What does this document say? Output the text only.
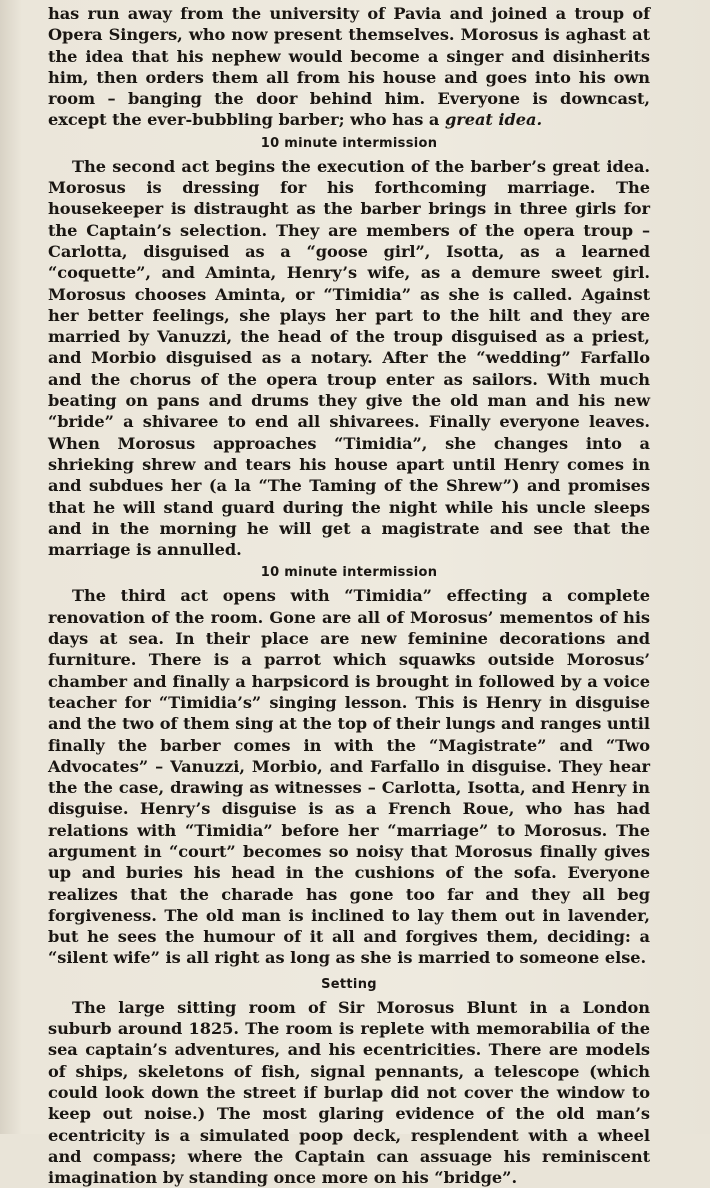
has run away from the university of Pavia and joined a troup of Opera Singers, who now present themselves. Morosus is aghast at the idea that his nephew would become a singer and disinherits him, then orders them all from his house and goes into his own room – banging the door behind him. Everyone is downcast, except the ever-bubbling barber; who has a great idea.

10 minute intermission

The second act begins the execution of the barber’s great idea. Morosus is dressing for his forthcoming marriage. The housekeeper is distraught as the barber brings in three girls for the Captain’s selection. They are members of the opera troup – Carlotta, disguised as a “goose girl”, Isotta, as a learned “coquette”, and Aminta, Henry’s wife, as a demure sweet girl. Morosus chooses Aminta, or “Timidia” as she is called. Against her better feelings, she plays her part to the hilt and they are married by Vanuzzi, the head of the troup disguised as a priest, and Morbio disguised as a notary. After the “wedding” Farfallo and the chorus of the opera troup enter as sailors. With much beating on pans and drums they give the old man and his new “bride” a shivaree to end all shivarees. Finally everyone leaves. When Morosus approaches “Timidia”, she changes into a shrieking shrew and tears his house apart until Henry comes in and subdues her (a la “The Taming of the Shrew”) and promises that he will stand guard during the night while his uncle sleeps and in the morning he will get a magistrate and see that the marriage is annulled.

10 minute intermission

The third act opens with “Timidia” effecting a complete renovation of the room. Gone are all of Morosus’ mementos of his days at sea. In their place are new feminine decorations and furniture. There is a parrot which squawks outside Morosus’ chamber and finally a harpsicord is brought in followed by a voice teacher for “Timidia’s” singing lesson. This is Henry in disguise and the two of them sing at the top of their lungs and ranges until finally the barber comes in with the “Magistrate” and “Two Advocates” – Vanuzzi, Morbio, and Farfallo in disguise. They hear the the case, drawing as witnesses – Carlotta, Isotta, and Henry in disguise. Henry’s disguise is as a French Roue, who has had relations with “Timidia” before her “marriage” to Morosus. The argument in “court” becomes so noisy that Morosus finally gives up and buries his head in the cushions of the sofa. Everyone realizes that the charade has gone too far and they all beg forgiveness. The old man is inclined to lay them out in lavender, but he sees the humour of it all and forgives them, deciding: a “silent wife” is all right as long as she is married to someone else.

Setting

The large sitting room of Sir Morosus Blunt in a London suburb around 1825. The room is replete with memorabilia of the sea captain’s adventures, and his ecentricities. There are models of ships, skeletons of fish, signal pennants, a telescope (which could look down the street if burlap did not cover the window to keep out noise.) The most glaring evidence of the old man’s ecentricity is a simulated poop deck, resplendent with a wheel and compass; where the Captain can assuage his reminiscent imagination by standing once more on his “bridge”.
